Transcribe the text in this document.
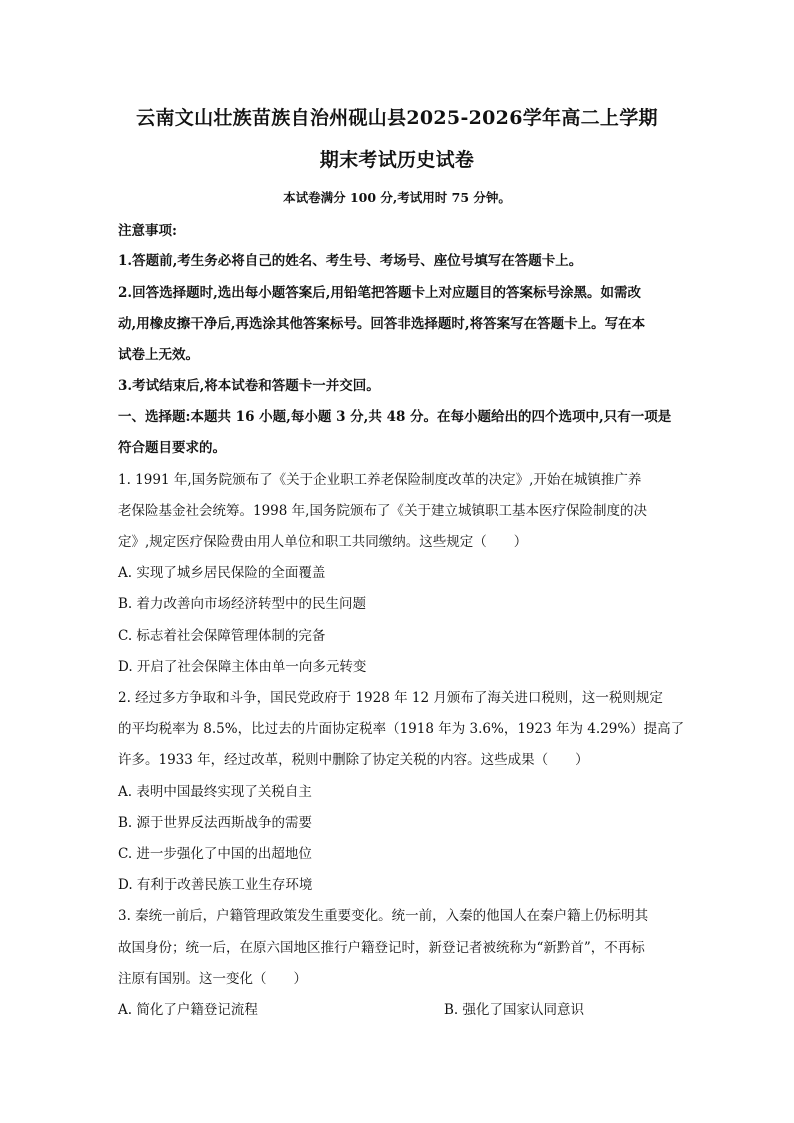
云南文山壮族苗族自治州砚山县2025-2026学年高二上学期
期末考试历史试卷
本试卷满分 100 分,考试用时 75 分钟。
注意事项:
1.答题前,考生务必将自己的姓名、考生号、考场号、座位号填写在答题卡上。
2.回答选择题时,选出每小题答案后,用铅笔把答题卡上对应题目的答案标号涂黑。如需改
动,用橡皮擦干净后,再选涂其他答案标号。回答非选择题时,将答案写在答题卡上。写在本
试卷上无效。
3.考试结束后,将本试卷和答题卡一并交回。
一、选择题:本题共 16 小题,每小题 3 分,共 48 分。在每小题给出的四个选项中,只有一项是
符合题目要求的。
1. 1991 年,国务院颁布了《关于企业职工养老保险制度改革的决定》,开始在城镇推广养
老保险基金社会统筹。1998 年,国务院颁布了《关于建立城镇职工基本医疗保险制度的决
定》,规定医疗保险费由用人单位和职工共同缴纳。这些规定（　　）
A. 实现了城乡居民保险的全面覆盖
B. 着力改善向市场经济转型中的民生问题
C. 标志着社会保障管理体制的完备
D. 开启了社会保障主体由单一向多元转变
2. 经过多方争取和斗争，国民党政府于 1928 年 12 月颁布了海关进口税则，这一税则规定
的平均税率为 8.5%，比过去的片面协定税率（1918 年为 3.6%，1923 年为 4.29%）提高了
许多。1933 年，经过改革，税则中删除了协定关税的内容。这些成果（　　）
A. 表明中国最终实现了关税自主
B. 源于世界反法西斯战争的需要
C. 进一步强化了中国的出超地位
D. 有利于改善民族工业生存环境
3. 秦统一前后，户籍管理政策发生重要变化。统一前，入秦的他国人在秦户籍上仍标明其
故国身份；统一后，在原六国地区推行户籍登记时，新登记者被统称为“新黔首”，不再标
注原有国别。这一变化（　　）
A. 简化了户籍登记流程	B. 强化了国家认同意识
